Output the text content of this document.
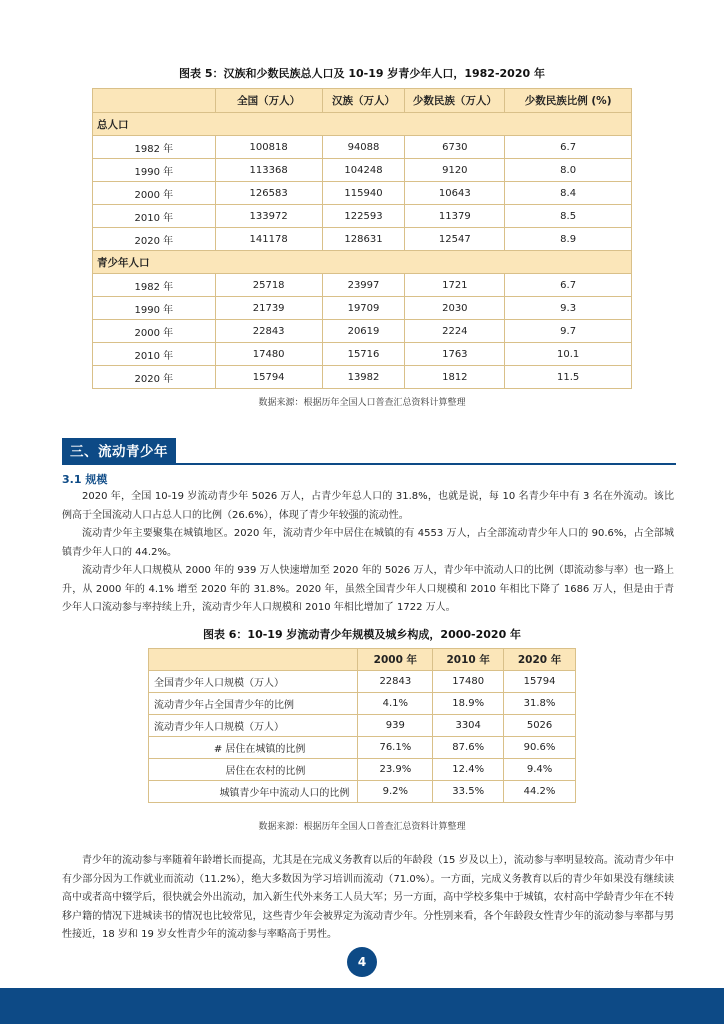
图表 5：汉族和少数民族总人口及 10-19 岁青少年人口，1982-2020 年
	全国（万人）	汉族（万人）	少数民族（万人）	少数民族比例 (%)
总人口				
1982 年	100818	94088	6730	6.7
1990 年	113368	104248	9120	8.0
2000 年	126583	115940	10643	8.4
2010 年	133972	122593	11379	8.5
2020 年	141178	128631	12547	8.9
青少年人口				
1982 年	25718	23997	1721	6.7
1990 年	21739	19709	2030	9.3
2000 年	22843	20619	2224	9.7
2010 年	17480	15716	1763	10.1
2020 年	15794	13982	1812	11.5
数据来源：根据历年全国人口普查汇总资料计算整理
三、流动青少年
3.1 规模

2020 年，全国 10-19 岁流动青少年 5026 万人，占青少年总人口的 31.8%，也就是说，每 10 名青少年中有 3 名在外流动。该比例高于全国流动人口占总人口的比例（26.6%），体现了青少年较强的流动性。

流动青少年主要聚集在城镇地区。2020 年，流动青少年中居住在城镇的有 4553 万人，占全部流动青少年人口的 90.6%，占全部城镇青少年人口的 44.2%。

流动青少年人口规模从 2000 年的 939 万人快速增加至 2020 年的 5026 万人，青少年中流动人口的比例（即流动参与率）也一路上升，从 2000 年的 4.1% 增至 2020 年的 31.8%。2020 年，虽然全国青少年人口规模和 2010 年相比下降了 1686 万人，但是由于青少年人口流动参与率持续上升，流动青少年人口规模和 2010 年相比增加了 1722 万人。

图表 6：10-19 岁流动青少年规模及城乡构成，2000-2020 年
	2000 年	2010 年	2020 年
全国青少年人口规模（万人）	22843	17480	15794
流动青少年占全国青少年的比例	4.1%	18.9%	31.8%
流动青少年人口规模（万人）	939	3304	5026
# 居住在城镇的比例	76.1%	87.6%	90.6%
居住在农村的比例	23.9%	12.4%	9.4%
城镇青少年中流动人口的比例	9.2%	33.5%	44.2%
数据来源：根据历年全国人口普查汇总资料计算整理

青少年的流动参与率随着年龄增长而提高，尤其是在完成义务教育以后的年龄段（15 岁及以上），流动参与率明显较高。流动青少年中有少部分因为工作就业而流动（11.2%），绝大多数因为学习培训而流动（71.0%）。一方面，完成义务教育以后的青少年如果没有继续读高中或者高中辍学后，很快就会外出流动，加入新生代外来务工人员大军；另一方面，高中学校多集中于城镇，农村高中学龄青少年在不转移户籍的情况下进城读书的情况也比较常见，这些青少年会被界定为流动青少年。分性别来看，各个年龄段女性青少年的流动参与率都与男性接近，18 岁和 19 岁女性青少年的流动参与率略高于男性。

4
